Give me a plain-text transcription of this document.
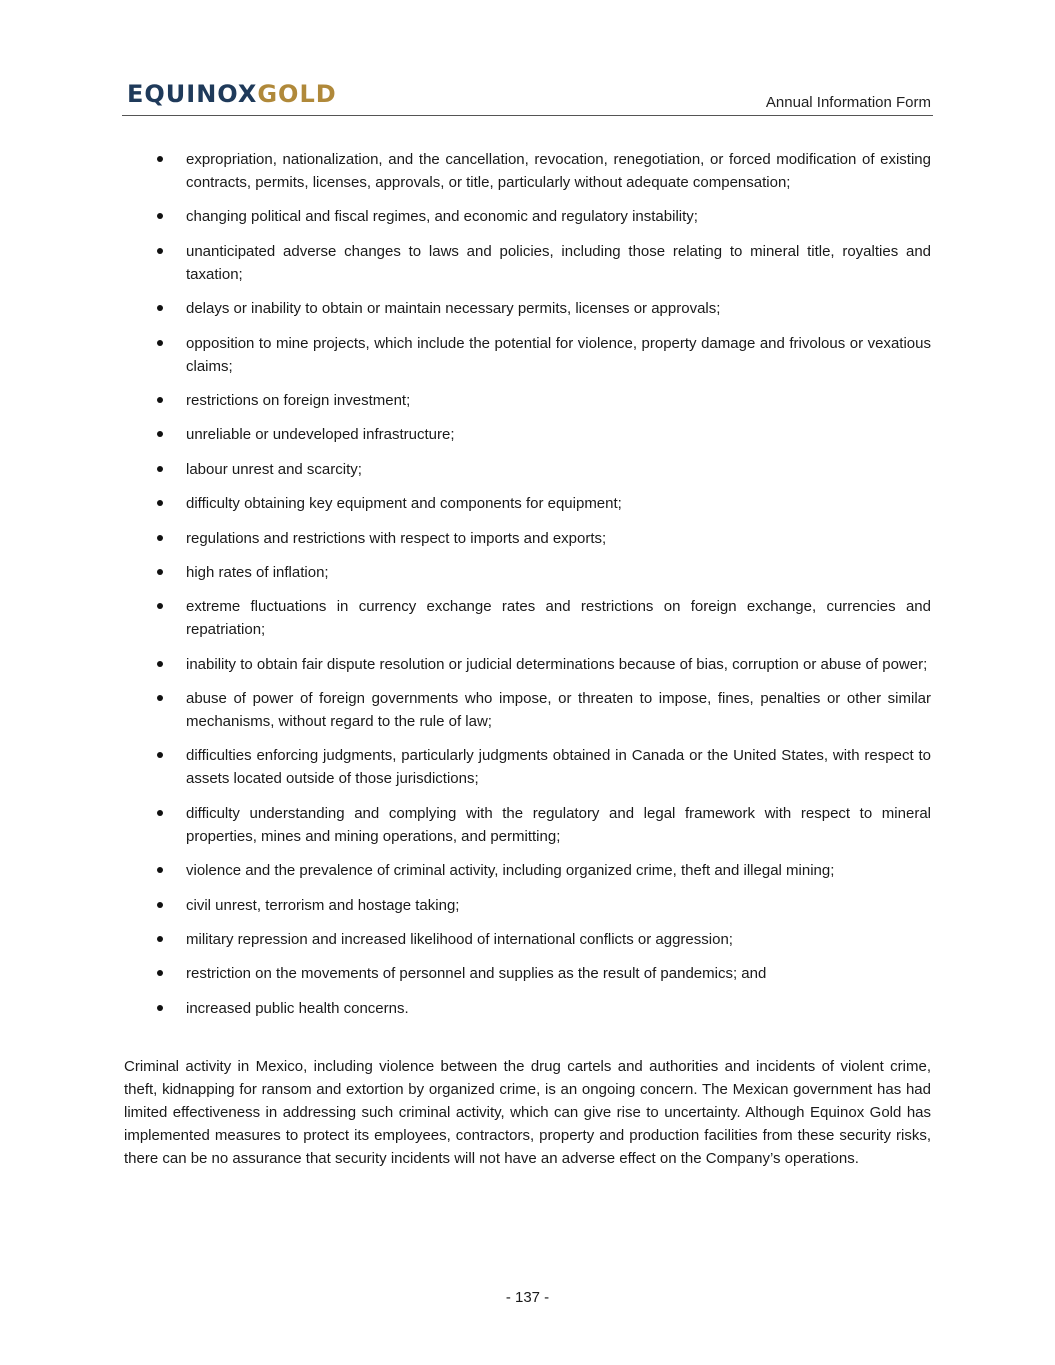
EQUINOXGOLD	Annual Information Form
expropriation, nationalization, and the cancellation, revocation, renegotiation, or forced modification of existing contracts, permits, licenses, approvals, or title, particularly without adequate compensation;
changing political and fiscal regimes, and economic and regulatory instability;
unanticipated adverse changes to laws and policies, including those relating to mineral title, royalties and taxation;
delays or inability to obtain or maintain necessary permits, licenses or approvals;
opposition to mine projects, which include the potential for violence, property damage and frivolous or vexatious claims;
restrictions on foreign investment;
unreliable or undeveloped infrastructure;
labour unrest and scarcity;
difficulty obtaining key equipment and components for equipment;
regulations and restrictions with respect to imports and exports;
high rates of inflation;
extreme fluctuations in currency exchange rates and restrictions on foreign exchange, currencies and repatriation;
inability to obtain fair dispute resolution or judicial determinations because of bias, corruption or abuse of power;
abuse of power of foreign governments who impose, or threaten to impose, fines, penalties or other similar mechanisms, without regard to the rule of law;
difficulties enforcing judgments, particularly judgments obtained in Canada or the United States, with respect to assets located outside of those jurisdictions;
difficulty understanding and complying with the regulatory and legal framework with respect to mineral properties, mines and mining operations, and permitting;
violence and the prevalence of criminal activity, including organized crime, theft and illegal mining;
civil unrest, terrorism and hostage taking;
military repression and increased likelihood of international conflicts or aggression;
restriction on the movements of personnel and supplies as the result of pandemics; and
increased public health concerns.

Criminal activity in Mexico, including violence between the drug cartels and authorities and incidents of violent crime, theft, kidnapping for ransom and extortion by organized crime, is an ongoing concern. The Mexican government has had limited effectiveness in addressing such criminal activity, which can give rise to uncertainty. Although Equinox Gold has implemented measures to protect its employees, contractors, property and production facilities from these security risks, there can be no assurance that security incidents will not have an adverse effect on the Company’s operations.

- 137 -
